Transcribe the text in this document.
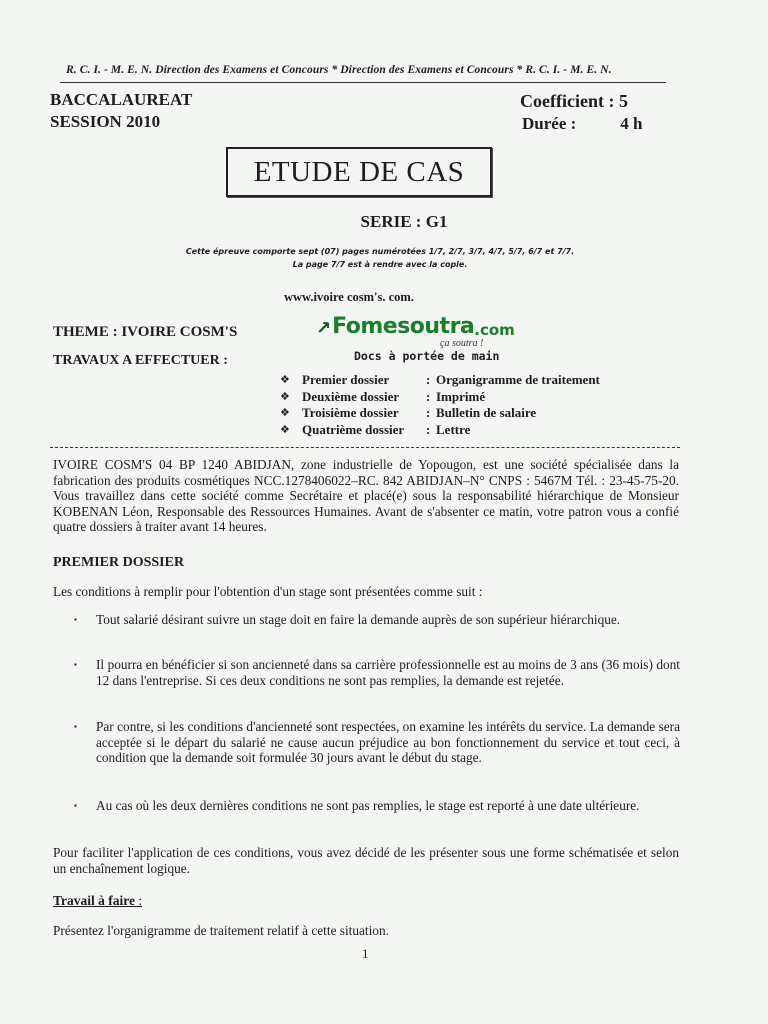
R. C. I. - M. E. N. Direction des Examens et Concours * Direction des Examens et Concours * R. C. I. - M. E. N.
BACCALAUREAT
SESSION 2010
Coefficient : 5
Durée :	4 h
ETUDE DE CAS
SERIE : G1
Cette épreuve comporte sept (07) pages numérotées 1/7, 2/7, 3/7, 4/7, 5/7, 6/7 et 7/7.
La page 7/7 est à rendre avec la copie.
www.ivoire cosm's. com.
THEME : IVOIRE COSM'S
TRAVAUX A EFFECTUER :
↗ Fomesoutra .com
ça soutra !
Docs à portée de main
❖ Premier dossier	: Organigramme de traitement
❖ Deuxième dossier	: Imprimé
❖ Troisième dossier	: Bulletin de salaire
❖ Quatrième dossier	: Lettre
IVOIRE COSM'S 04 BP 1240 ABIDJAN, zone industrielle de Yopougon, est une société spécialisée dans la fabrication des produits cosmétiques NCC.1278406022–RC. 842 ABIDJAN–N° CNPS : 5467M Tél. : 23-45-75-20. Vous travaillez dans cette société comme Secrétaire et placé(e) sous la responsabilité hiérarchique de Monsieur KOBENAN Léon, Responsable des Ressources Humaines. Avant de s'absenter ce matin, votre patron vous a confié quatre dossiers à traiter avant 14 heures.
PREMIER DOSSIER
Les conditions à remplir pour l'obtention d'un stage sont présentées comme suit :
▪	Tout salarié désirant suivre un stage doit en faire la demande auprès de son supérieur hiérarchique.
▪	Il pourra en bénéficier si son ancienneté dans sa carrière professionnelle est au moins de 3 ans (36 mois) dont 12 dans l'entreprise. Si ces deux conditions ne sont pas remplies, la demande est rejetée.
▪	Par contre, si les conditions d'ancienneté sont respectées, on examine les intérêts du service. La demande sera acceptée si le départ du salarié ne cause aucun préjudice au bon fonctionnement du service et tout ceci, à condition que la demande soit formulée 30 jours avant le début du stage.
▪	Au cas où les deux dernières conditions ne sont pas remplies, le stage est reporté à une date ultérieure.
Pour faciliter l'application de ces conditions, vous avez décidé de les présenter sous une forme schématisée et selon un enchaînement logique.
Travail à faire :
Présentez l'organigramme de traitement relatif à cette situation.
1
